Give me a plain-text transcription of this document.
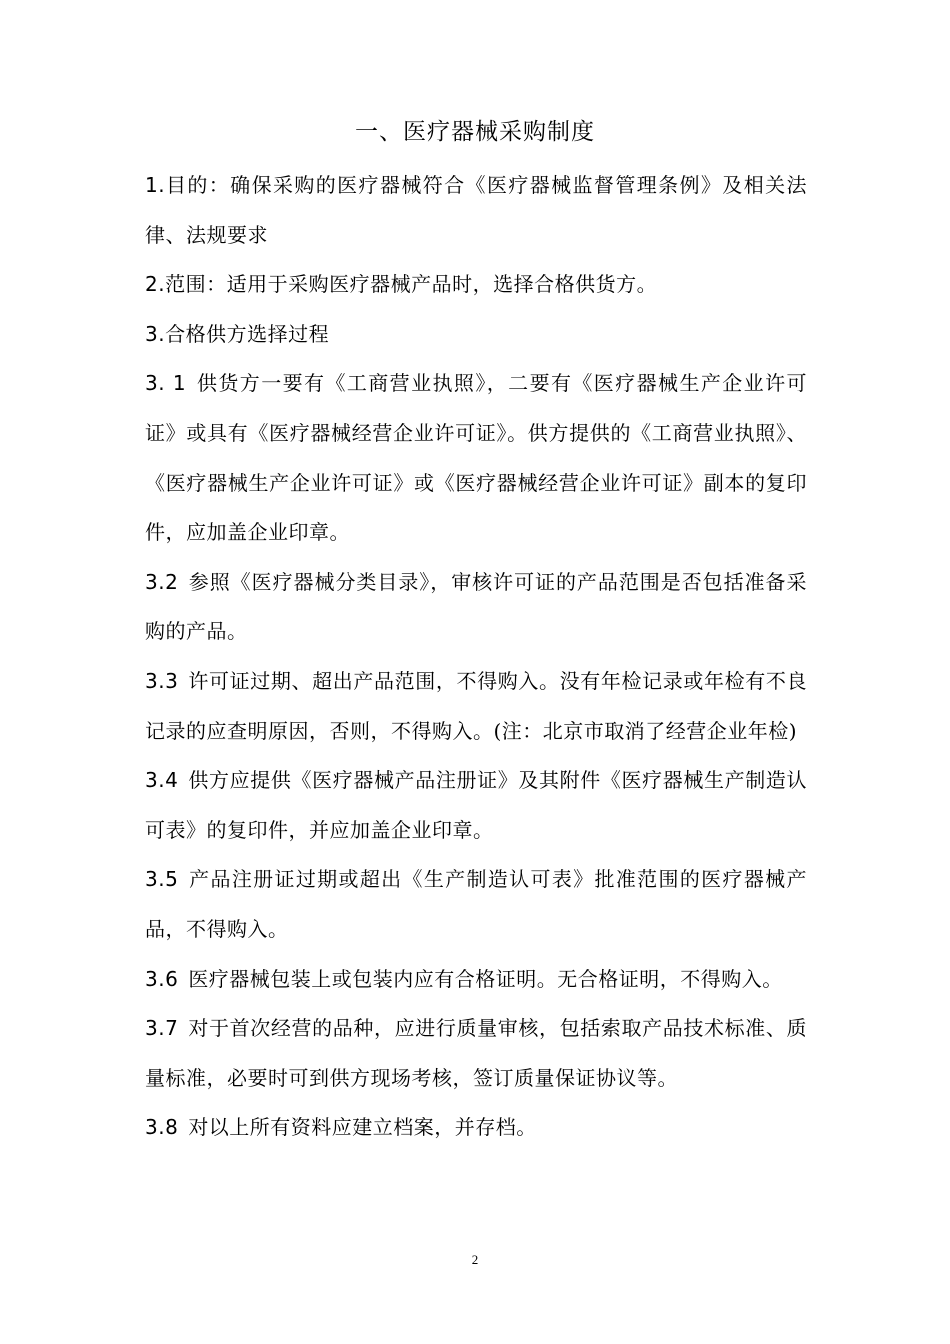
一、医疗器械采购制度

1.目的：确保采购的医疗器械符合《医疗器械监督管理条例》及相关法律、法规要求

2.范围：适用于采购医疗器械产品时，选择合格供货方。

3.合格供方选择过程

3. 1 供货方一要有《工商营业执照》，二要有《医疗器械生产企业许可证》或具有《医疗器械经营企业许可证》。供方提供的《工商营业执照》、《医疗器械生产企业许可证》或《医疗器械经营企业许可证》副本的复印件，应加盖企业印章。

3.2 参照《医疗器械分类目录》，审核许可证的产品范围是否包括准备采购的产品。

3.3 许可证过期、超出产品范围，不得购入。没有年检记录或年检有不良记录的应查明原因，否则，不得购入。(注：北京市取消了经营企业年检)

3.4 供方应提供《医疗器械产品注册证》及其附件《医疗器械生产制造认可表》的复印件，并应加盖企业印章。

3.5 产品注册证过期或超出《生产制造认可表》批准范围的医疗器械产品，不得购入。

3.6 医疗器械包装上或包装内应有合格证明。无合格证明，不得购入。

3.7 对于首次经营的品种，应进行质量审核，包括索取产品技术标准、质量标准，必要时可到供方现场考核，签订质量保证协议等。

3.8 对以上所有资料应建立档案，并存档。

2
